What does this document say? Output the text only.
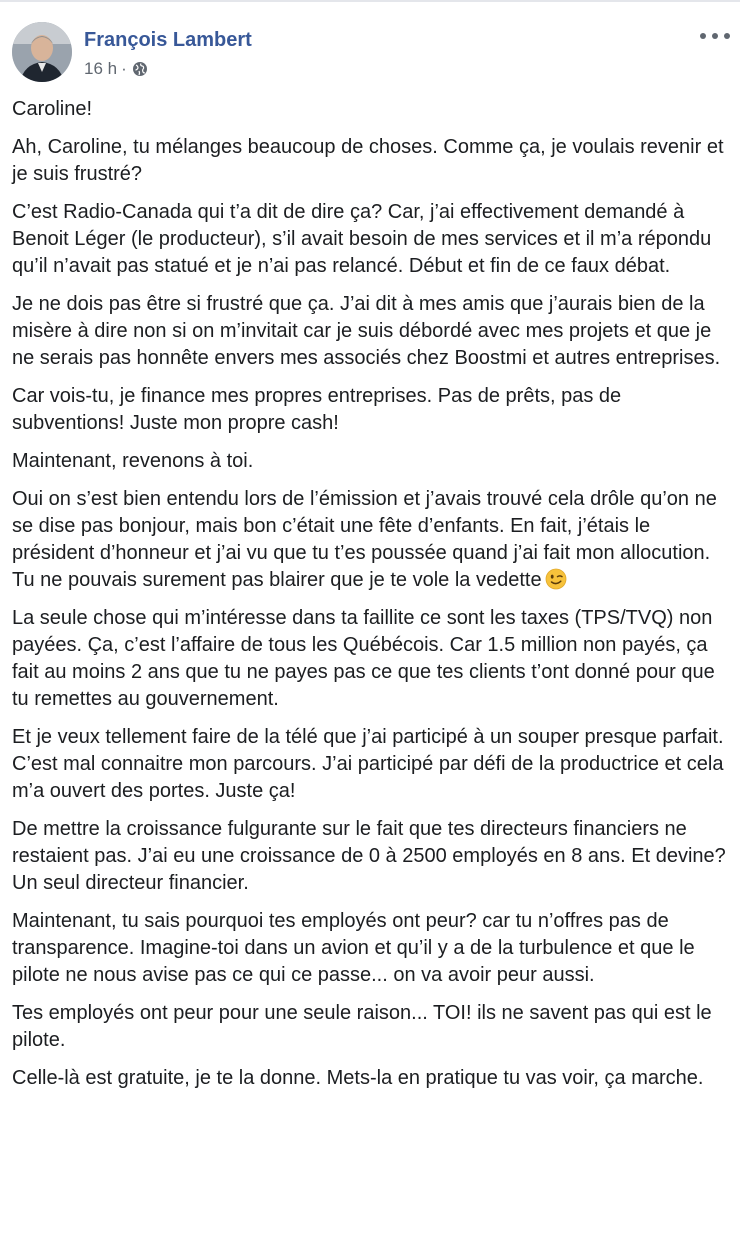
François Lambert
16 h ·

Caroline!

Ah, Caroline, tu mélanges beaucoup de choses. Comme ça, je voulais revenir et je suis frustré?

C’est Radio-Canada qui t’a dit de dire ça? Car, j’ai effectivement demandé à Benoit Léger (le producteur), s’il avait besoin de mes services et il m’a répondu qu’il n’avait pas statué et je n’ai pas relancé. Début et fin de ce faux débat.

Je ne dois pas être si frustré que ça. J’ai dit à mes amis que j’aurais bien de la misère à dire non si on m’invitait car je suis débordé avec mes projets et que je ne serais pas honnête envers mes associés chez Boostmi et autres entreprises.

Car vois-tu, je finance mes propres entreprises. Pas de prêts, pas de subventions! Juste mon propre cash!

Maintenant, revenons à toi.

Oui on s’est bien entendu lors de l’émission et j’avais trouvé cela drôle qu’on ne se dise pas bonjour, mais bon c’était une fête d’enfants. En fait, j’étais le président d’honneur et j’ai vu que tu t’es poussée quand j’ai fait mon allocution. Tu ne pouvais surement pas blairer que je te vole la vedette

La seule chose qui m’intéresse dans ta faillite ce sont les taxes (TPS/TVQ) non payées. Ça, c’est l’affaire de tous les Québécois. Car 1.5 million non payés, ça fait au moins 2 ans que tu ne payes pas ce que tes clients t’ont donné pour que tu remettes au gouvernement.

Et je veux tellement faire de la télé que j’ai participé à un souper presque parfait. C’est mal connaitre mon parcours. J’ai participé par défi de la productrice et cela m’a ouvert des portes. Juste ça!

De mettre la croissance fulgurante sur le fait que tes directeurs financiers ne restaient pas. J’ai eu une croissance de 0 à 2500 employés en 8 ans. Et devine? Un seul directeur financier.

Maintenant, tu sais pourquoi tes employés ont peur? car tu n’offres pas de transparence. Imagine-toi dans un avion et qu’il y a de la turbulence et que le pilote ne nous avise pas ce qui ce passe... on va avoir peur aussi.

Tes employés ont peur pour une seule raison... TOI! ils ne savent pas qui est le pilote.

Celle-là est gratuite, je te la donne. Mets-la en pratique tu vas voir, ça marche.
